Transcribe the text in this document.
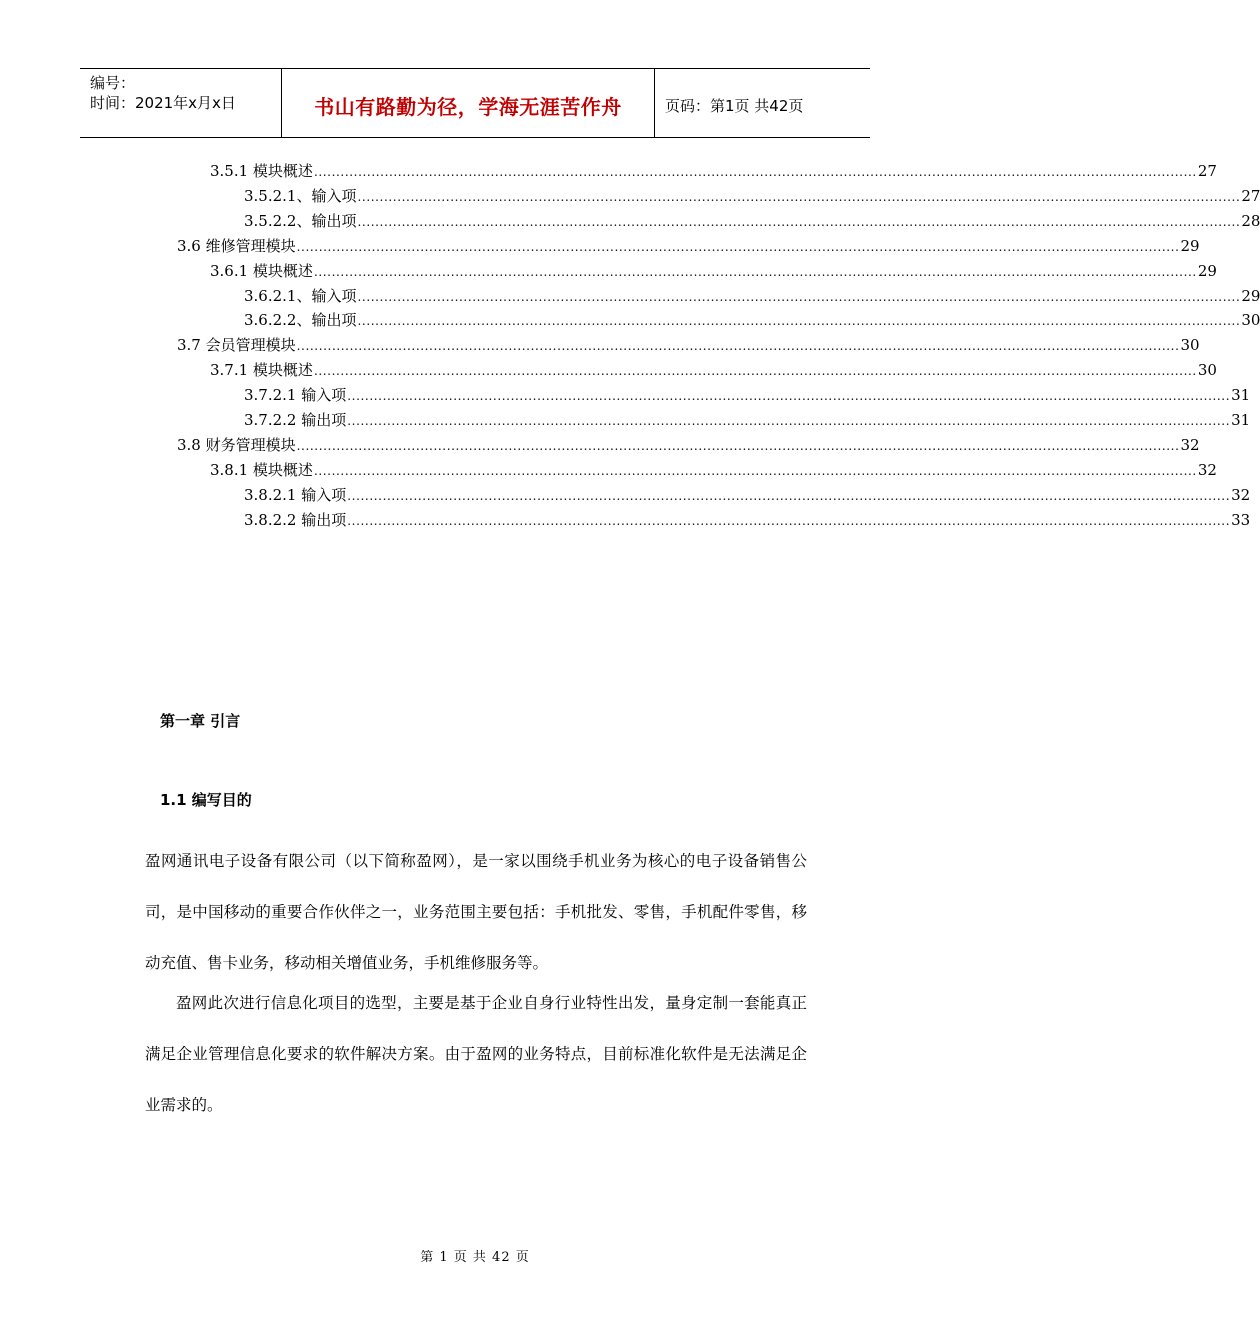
编号：
时间：2021年x月x日	书山有路勤为径，学海无涯苦作舟	页码：第1页 共42页
3.5.1 模块概述 ........................................................................................................................................................................................................ 27
3.5.2.1、输入项 ........................................................................................................................................................................................................ 27
3.5.2.2、输出项 ........................................................................................................................................................................................................ 28
3.6 维修管理模块 ........................................................................................................................................................................................................ 29
3.6.1 模块概述 ........................................................................................................................................................................................................ 29
3.6.2.1、输入项 ........................................................................................................................................................................................................ 29
3.6.2.2、输出项 ........................................................................................................................................................................................................ 30
3.7 会员管理模块 ........................................................................................................................................................................................................ 30
3.7.1 模块概述 ........................................................................................................................................................................................................ 30
3.7.2.1 输入项 ........................................................................................................................................................................................................ 31
3.7.2.2 输出项 ........................................................................................................................................................................................................ 31
3.8 财务管理模块 ........................................................................................................................................................................................................ 32
3.8.1 模块概述 ........................................................................................................................................................................................................ 32
3.8.2.1 输入项 ........................................................................................................................................................................................................ 32
3.8.2.2 输出项 ........................................................................................................................................................................................................ 33
第一章 引言
1.1 编写目的
盈网通讯电子设备有限公司（以下简称盈网），是一家以围绕手机业务为核心的电子设备销售公司，是中国移动的重要合作伙伴之一，业务范围主要包括：手机批发、零售，手机配件零售，移动充值、售卡业务，移动相关增值业务，手机维修服务等。
盈网此次进行信息化项目的选型，主要是基于企业自身行业特性出发，量身定制一套能真正满足企业管理信息化要求的软件解决方案。由于盈网的业务特点，目前标准化软件是无法满足企业需求的。
第 1 页 共 42 页
